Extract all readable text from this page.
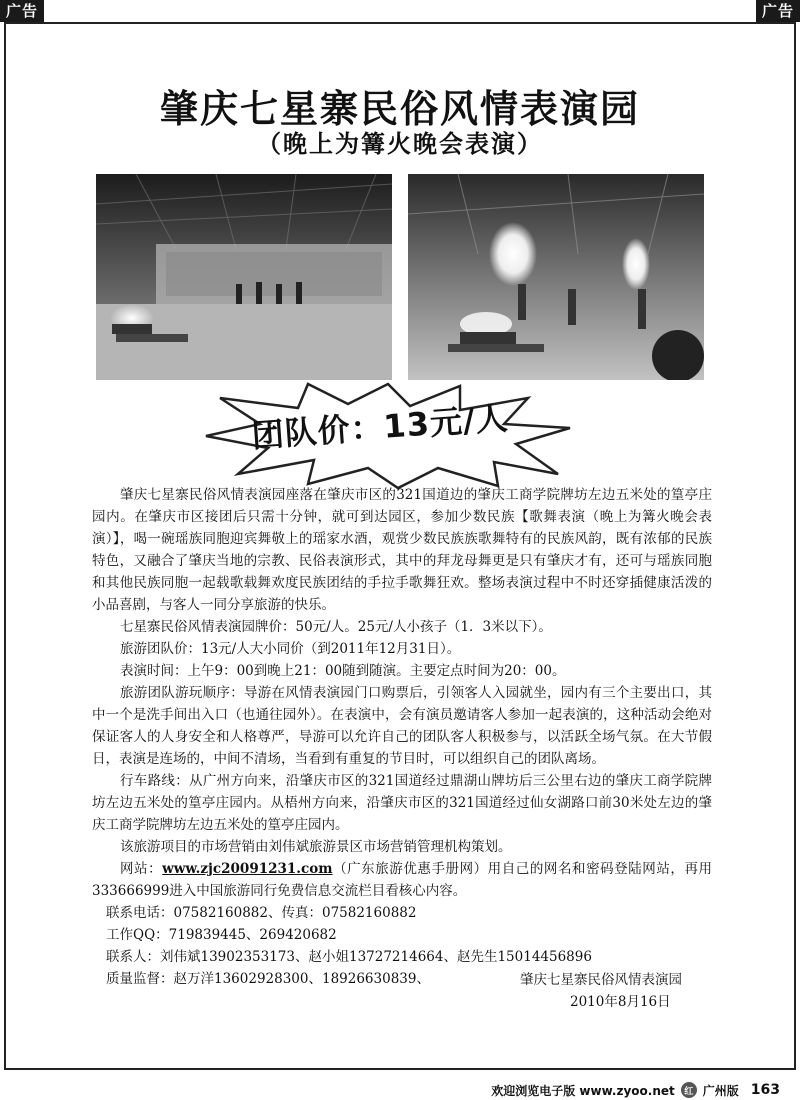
广告	广告
肇庆七星寨民俗风情表演园
（晚上为篝火晚会表演）
团队价：13元/人

肇庆七星寨民俗风情表演园座落在肇庆市区的321国道边的肇庆工商学院牌坊左边五米处的篁亭庄园内。在肇庆市区接团后只需十分钟，就可到达园区，参加少数民族【歌舞表演（晚上为篝火晚会表演）】，喝一碗瑶族同胞迎宾舞敬上的瑶家水酒，观赏少数民族族歌舞特有的民族风韵，既有浓郁的民族特色，又融合了肇庆当地的宗教、民俗表演形式，其中的拜龙母舞更是只有肇庆才有，还可与瑶族同胞和其他民族同胞一起载歌载舞欢度民族团结的手拉手歌舞狂欢。整场表演过程中不时还穿插健康活泼的小品喜剧，与客人一同分享旅游的快乐。

七星寨民俗风情表演园牌价：50元/人。25元/人小孩子（1．3米以下）。

旅游团队价：13元/人大小同价（到2011年12月31日）。

表演时间：上午9：00到晚上21：00随到随演。主要定点时间为20：00。

旅游团队游玩顺序：导游在风情表演园门口购票后，引领客人入园就坐，园内有三个主要出口，其中一个是洗手间出入口（也通往园外）。在表演中，会有演员邀请客人参加一起表演的，这种活动会绝对保证客人的人身安全和人格尊严，导游可以允许自己的团队客人积极参与，以活跃全场气氛。在大节假日，表演是连场的，中间不清场，当看到有重复的节目时，可以组织自己的团队离场。

行车路线：从广州方向来，沿肇庆市区的321国道经过鼎湖山牌坊后三公里右边的肇庆工商学院牌坊左边五米处的篁亭庄园内。从梧州方向来，沿肇庆市区的321国道经过仙女湖路口前30米处左边的肇庆工商学院牌坊左边五米处的篁亭庄园内。

该旅游项目的市场营销由刘伟斌旅游景区市场营销管理机构策划。

网站：www.zjc20091231.com（广东旅游优惠手册网）用自己的网名和密码登陆网站，再用333666999进入中国旅游同行免费信息交流栏目看核心内容。

联系电话：07582160882、传真：07582160882
工作QQ：719839445、269420682
联系人：刘伟斌13902353173、赵小姐13727214664、赵先生15014456896
质量监督：赵万洋13602928300、18926630839、	肇庆七星寨民俗风情表演园
2010年8月16日
欢迎浏览电子版 www.zyoo.net	红 广州版 163
